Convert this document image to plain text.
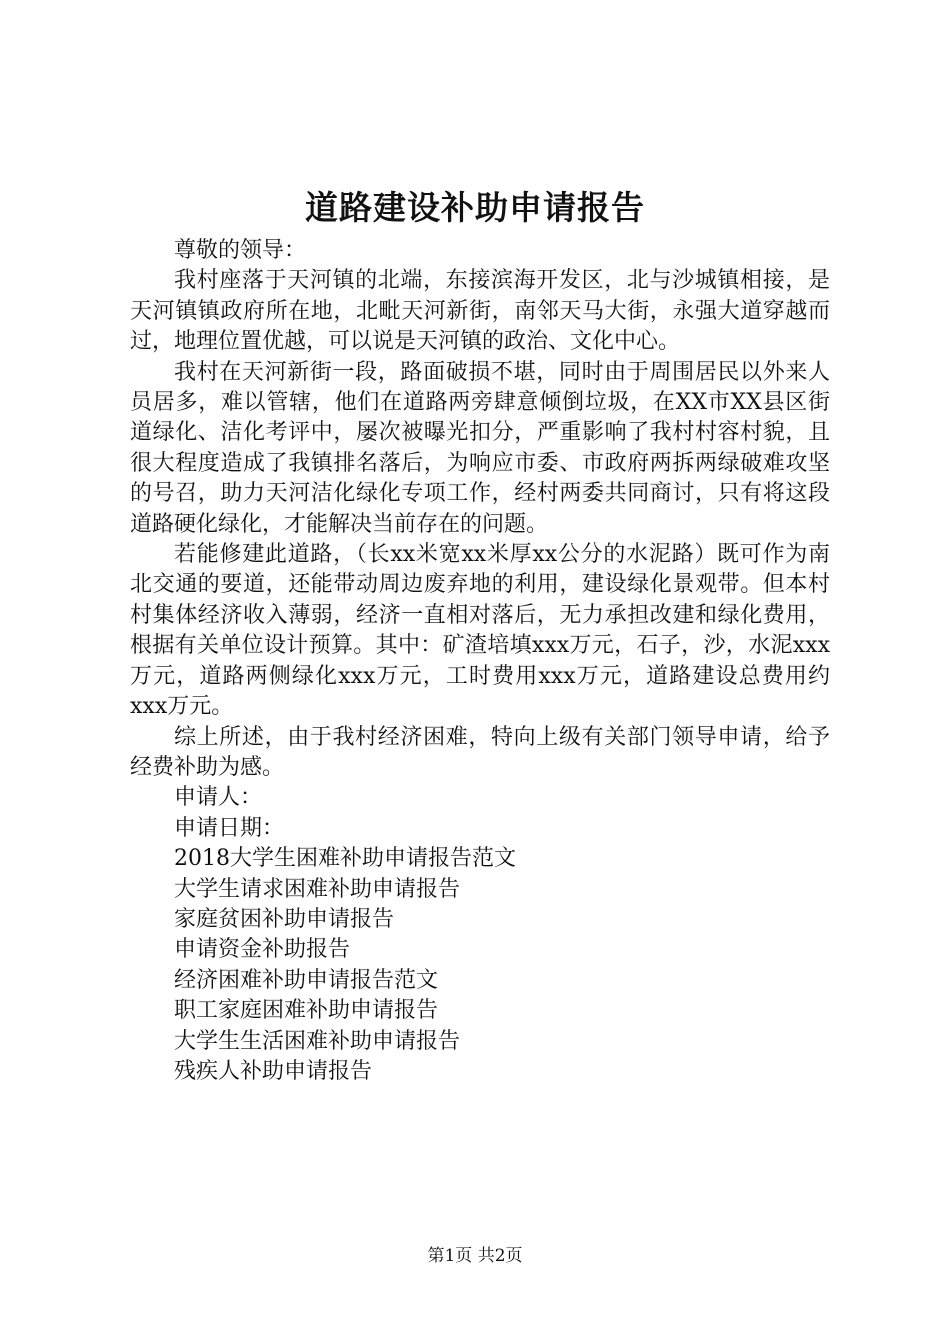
道路建设补助申请报告

尊敬的领导：

我村座落于天河镇的北端，东接滨海开发区，北与沙城镇相接，是天河镇镇政府所在地，北毗天河新街，南邻天马大街，永强大道穿越而过，地理位置优越，可以说是天河镇的政治、文化中心。

我村在天河新街一段，路面破损不堪，同时由于周围居民以外来人员居多，难以管辖，他们在道路两旁肆意倾倒垃圾，在XX市XX县区街道绿化、洁化考评中，屡次被曝光扣分，严重影响了我村村容村貌，且很大程度造成了我镇排名落后，为响应市委、市政府两拆两绿破难攻坚的号召，助力天河洁化绿化专项工作，经村两委共同商讨，只有将这段道路硬化绿化，才能解决当前存在的问题。

若能修建此道路，（长xx米宽xx米厚xx公分的水泥路）既可作为南北交通的要道，还能带动周边废弃地的利用，建设绿化景观带。但本村村集体经济收入薄弱，经济一直相对落后，无力承担改建和绿化费用，根据有关单位设计预算。其中：矿渣培填xxx万元，石子，沙，水泥xxx万元，道路两侧绿化xxx万元，工时费用xxx万元，道路建设总费用约xxx万元。

综上所述，由于我村经济困难，特向上级有关部门领导申请，给予经费补助为感。

申请人：

申请日期：

2018大学生困难补助申请报告范文

大学生请求困难补助申请报告

家庭贫困补助申请报告

申请资金补助报告

经济困难补助申请报告范文

职工家庭困难补助申请报告

大学生生活困难补助申请报告

残疾人补助申请报告

第1页 共2页
